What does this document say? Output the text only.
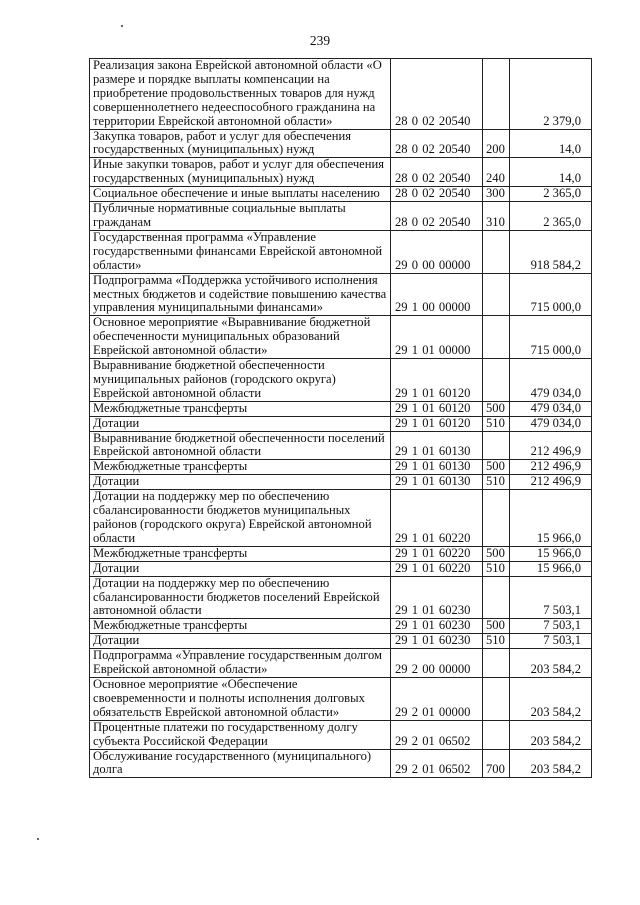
239
Реализация закона Еврейской автономной области «О размере и порядке выплаты компенсации на приобретение продовольственных товаров для нужд совершеннолетнего недееспособного гражданина на территории Еврейской автономной области»	28 0 02 20540		2 379,0
Закупка товаров, работ и услуг для обеспечения государственных (муниципальных) нужд	28 0 02 20540	200	14,0
Иные закупки товаров, работ и услуг для обеспечения государственных (муниципальных) нужд	28 0 02 20540	240	14,0
Социальное обеспечение и иные выплаты населению	28 0 02 20540	300	2 365,0
Публичные нормативные социальные выплаты гражданам	28 0 02 20540	310	2 365,0
Государственная программа «Управление государственными финансами Еврейской автономной области»	29 0 00 00000		918 584,2
Подпрограмма «Поддержка устойчивого исполнения местных бюджетов и содействие повышению качества управления муниципальными финансами»	29 1 00 00000		715 000,0
Основное мероприятие «Выравнивание бюджетной обеспеченности муниципальных образований Еврейской автономной области»	29 1 01 00000		715 000,0
Выравнивание бюджетной обеспеченности муниципальных районов (городского округа) Еврейской автономной области	29 1 01 60120		479 034,0
Межбюджетные трансферты	29 1 01 60120	500	479 034,0
Дотации	29 1 01 60120	510	479 034,0
Выравнивание бюджетной обеспеченности поселений Еврейской автономной области	29 1 01 60130		212 496,9
Межбюджетные трансферты	29 1 01 60130	500	212 496,9
Дотации	29 1 01 60130	510	212 496,9
Дотации на поддержку мер по обеспечению сбалансированности бюджетов муниципальных районов (городского округа) Еврейской автономной области	29 1 01 60220		15 966,0
Межбюджетные трансферты	29 1 01 60220	500	15 966,0
Дотации	29 1 01 60220	510	15 966,0
Дотации на поддержку мер по обеспечению сбалансированности бюджетов поселений Еврейской автономной области	29 1 01 60230		7 503,1
Межбюджетные трансферты	29 1 01 60230	500	7 503,1
Дотации	29 1 01 60230	510	7 503,1
Подпрограмма «Управление государственным долгом Еврейской автономной области»	29 2 00 00000		203 584,2
Основное мероприятие «Обеспечение своевременности и полноты исполнения долговых обязательств Еврейской автономной области»	29 2 01 00000		203 584,2
Процентные платежи по государственному долгу субъекта Российской Федерации	29 2 01 06502		203 584,2
Обслуживание государственного (муниципального) долга	29 2 01 06502	700	203 584,2
